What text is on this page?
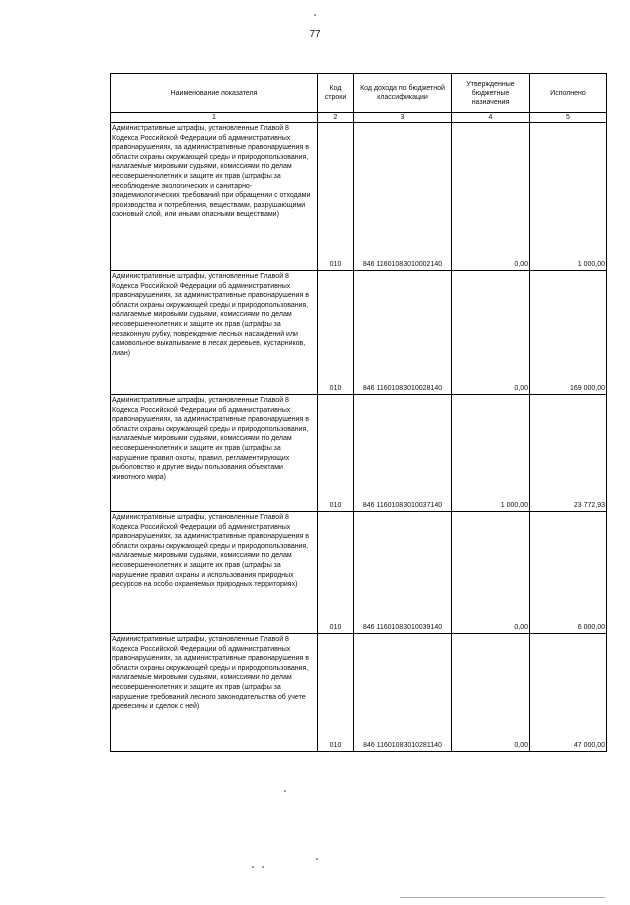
77
Наименование показателя	Код строки	Код дохода по бюджетной классификации	Утвержденные бюджетные назначения	Исполнено
1	2	3	4	5
Административные штрафы, установленные Главой 8 Кодекса Российской Федерации об административных правонарушениях, за административные правонарушения в области охраны окружающей среды и природопользования, налагаемые мировыми судьями, комиссиями по делам несовершеннолетних и защите их прав (штрафы за несоблюдение экологических и санитарно-эпидемиологических требований при обращении с отходами производства и потребления, веществами, разрушающими озоновый слой, или иными опасными веществами)	010	846 11601083010002140	0,00	1 000,00
Административные штрафы, установленные Главой 8 Кодекса Российской Федерации об административных правонарушениях, за административные правонарушения в области охраны окружающей среды и природопользования, налагаемые мировыми судьями, комиссиями по делам несовершеннолетних и защите их прав (штрафы за незаконную рубку, повреждение лесных насаждений или самовольное выкапывание в лесах деревьев, кустарников, лиан)	010	846 11601083010028140	0,00	169 000,00
Административные штрафы, установленные Главой 8 Кодекса Российской Федерации об административных правонарушениях, за административные правонарушения в области охраны окружающей среды и природопользования, налагаемые мировыми судьями, комиссиями по делам несовершеннолетних и защите их прав (штрафы за нарушение правил охоты, правил, регламентирующих рыболовство и другие виды пользования объектами животного мира)	010	846 11601083010037140	1 000,00	23 772,93
Административные штрафы, установленные Главой 8 Кодекса Российской Федерации об административных правонарушениях, за административные правонарушения в области охраны окружающей среды и природопользования, налагаемые мировыми судьями, комиссиями по делам несовершеннолетних и защите их прав (штрафы за нарушение правил охраны и использования природных ресурсов на особо охраняемых природных территориях)	010	846 11601083010039140	0,00	6 000,00
Административные штрафы, установленные Главой 8 Кодекса Российской Федерации об административных правонарушениях, за административные правонарушения в области охраны окружающей среды и природопользования, налагаемые мировыми судьями, комиссиями по делам несовершеннолетних и защите их прав (штрафы за нарушение требований лесного законодательства об учете древесины и сделок с ней)	010	846 11601083010281140	0,00	47 000,00
